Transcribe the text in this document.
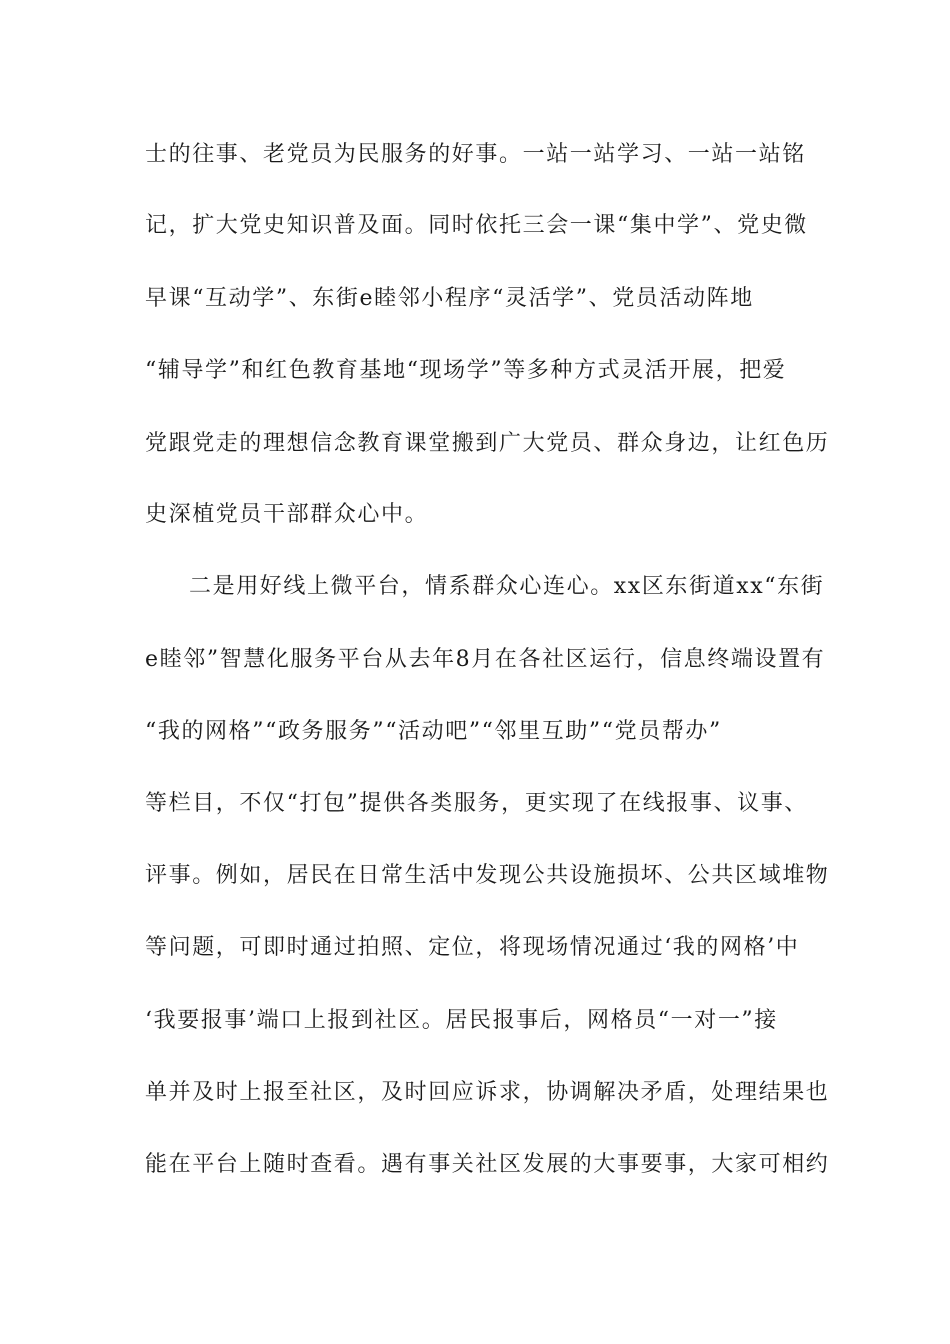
士的往事、老党员为民服务的好事。一站一站学习、一站一站铭

记，扩大党史知识普及面。同时依托三会一课“集中学”、党史微

早课“互动学”、东街e睦邻小程序“灵活学”、党员活动阵地

“辅导学”和红色教育基地“现场学”等多种方式灵活开展，把爱

党跟党走的理想信念教育课堂搬到广大党员、群众身边，让红色历

史深植党员干部群众心中。

二是用好线上微平台，情系群众心连心。xx区东街道xx“东街

e睦邻”智慧化服务平台从去年8月在各社区运行，信息终端设置有

“我的网格”“政务服务”“活动吧”“邻里互助”“党员帮办”

等栏目，不仅“打包”提供各类服务，更实现了在线报事、议事、

评事。例如，居民在日常生活中发现公共设施损坏、公共区域堆物

等问题，可即时通过拍照、定位，将现场情况通过‘我的网格’中

‘我要报事’端口上报到社区。居民报事后，网格员“一对一”接

单并及时上报至社区，及时回应诉求，协调解决矛盾，处理结果也

能在平台上随时查看。遇有事关社区发展的大事要事，大家可相约
